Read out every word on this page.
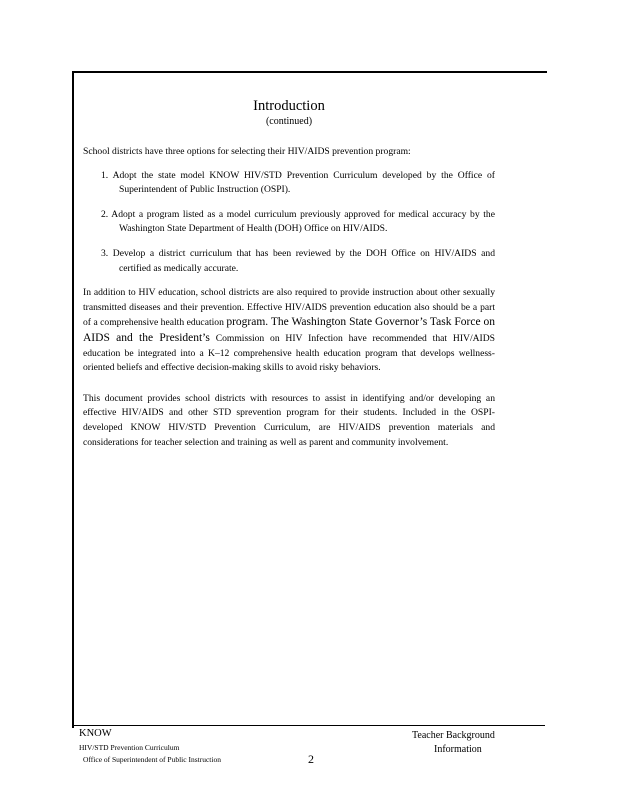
Introduction
(continued)

School districts have three options for selecting their HIV/AIDS prevention program:

1. Adopt the state model KNOW HIV/STD Prevention Curriculum developed by the Office of Superintendent of Public Instruction (OSPI).
2. Adopt a program listed as a model curriculum previously approved for medical accuracy by the Washington State Department of Health (DOH) Office on HIV/AIDS.
3. Develop a district curriculum that has been reviewed by the DOH Office on HIV/AIDS and certified as medically accurate.

In addition to HIV education, school districts are also required to provide instruction about other sexually transmitted diseases and their prevention. Effective HIV/AIDS prevention education also should be a part of a comprehensive health education program. The Washington State Governor’s Task Force on AIDS and the President’s Commission on HIV Infection have recommended that HIV/AIDS education be integrated into a K–12 comprehensive health education program that develops wellness-oriented beliefs and effective decision-making skills to avoid risky behaviors.

This document provides school districts with resources to assist in identifying and/or developing an effective HIV/AIDS and other STD sprevention program for their students. Included in the OSPI-developed KNOW HIV/STD Prevention Curriculum, are HIV/AIDS prevention materials and considerations for teacher selection and training as well as parent and community involvement.

KNOW
HIV/STD Prevention Curriculum
Office of Superintendent of Public Instruction	2
Teacher Background
Information
